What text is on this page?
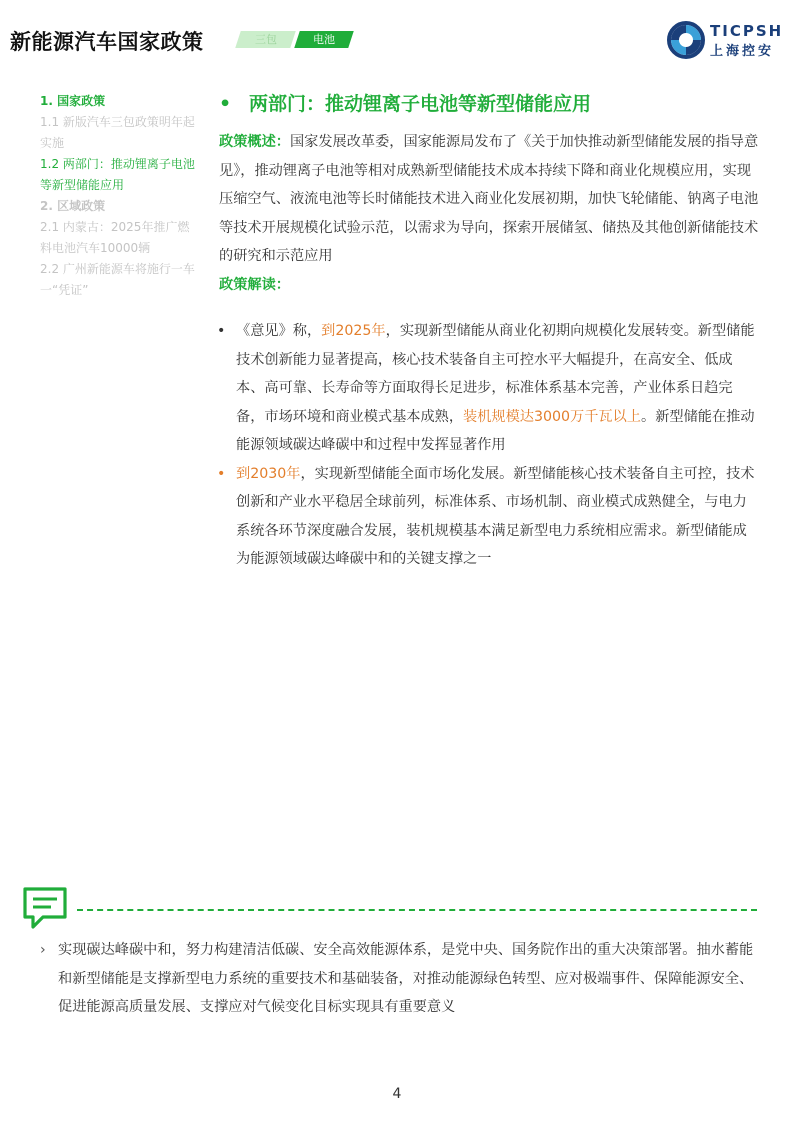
新能源汽车国家政策	三包	电池	TICPSH
上海控安
1. 国家政策
1.1 新版汽车三包政策明年起实施
1.2 两部门：推动锂离子电池等新型储能应用
2. 区域政策
2.1 内蒙古：2025年推广燃料电池汽车10000辆
2.2 广州新能源车将施行一车一“凭证”
• 两部门：推动锂离子电池等新型储能应用

政策概述：国家发展改革委，国家能源局发布了《关于加快推动新型储能发展的指导意见》，推动锂离子电池等相对成熟新型储能技术成本持续下降和商业化规模应用，实现压缩空气、液流电池等长时储能技术进入商业化发展初期，加快飞轮储能、钠离子电池等技术开展规模化试验示范，以需求为导向，探索开展储氢、储热及其他创新储能技术的研究和示范应用

政策解读：

• 《意见》称，到2025年，实现新型储能从商业化初期向规模化发展转变。新型储能技术创新能力显著提高，核心技术装备自主可控水平大幅提升，在高安全、低成本、高可靠、长寿命等方面取得长足进步，标准体系基本完善，产业体系日趋完备，市场环境和商业模式基本成熟，装机规模达3000万千瓦以上。新型储能在推动能源领域碳达峰碳中和过程中发挥显著作用
• 到2030年，实现新型储能全面市场化发展。新型储能核心技术装备自主可控，技术创新和产业水平稳居全球前列，标准体系、市场机制、商业模式成熟健全，与电力系统各环节深度融合发展，装机规模基本满足新型电力系统相应需求。新型储能成为能源领域碳达峰碳中和的关键支撑之一
› 实现碳达峰碳中和，努力构建清洁低碳、安全高效能源体系，是党中央、国务院作出的重大决策部署。抽水蓄能和新型储能是支撑新型电力系统的重要技术和基础装备，对推动能源绿色转型、应对极端事件、保障能源安全、促进能源高质量发展、支撑应对气候变化目标实现具有重要意义
4
